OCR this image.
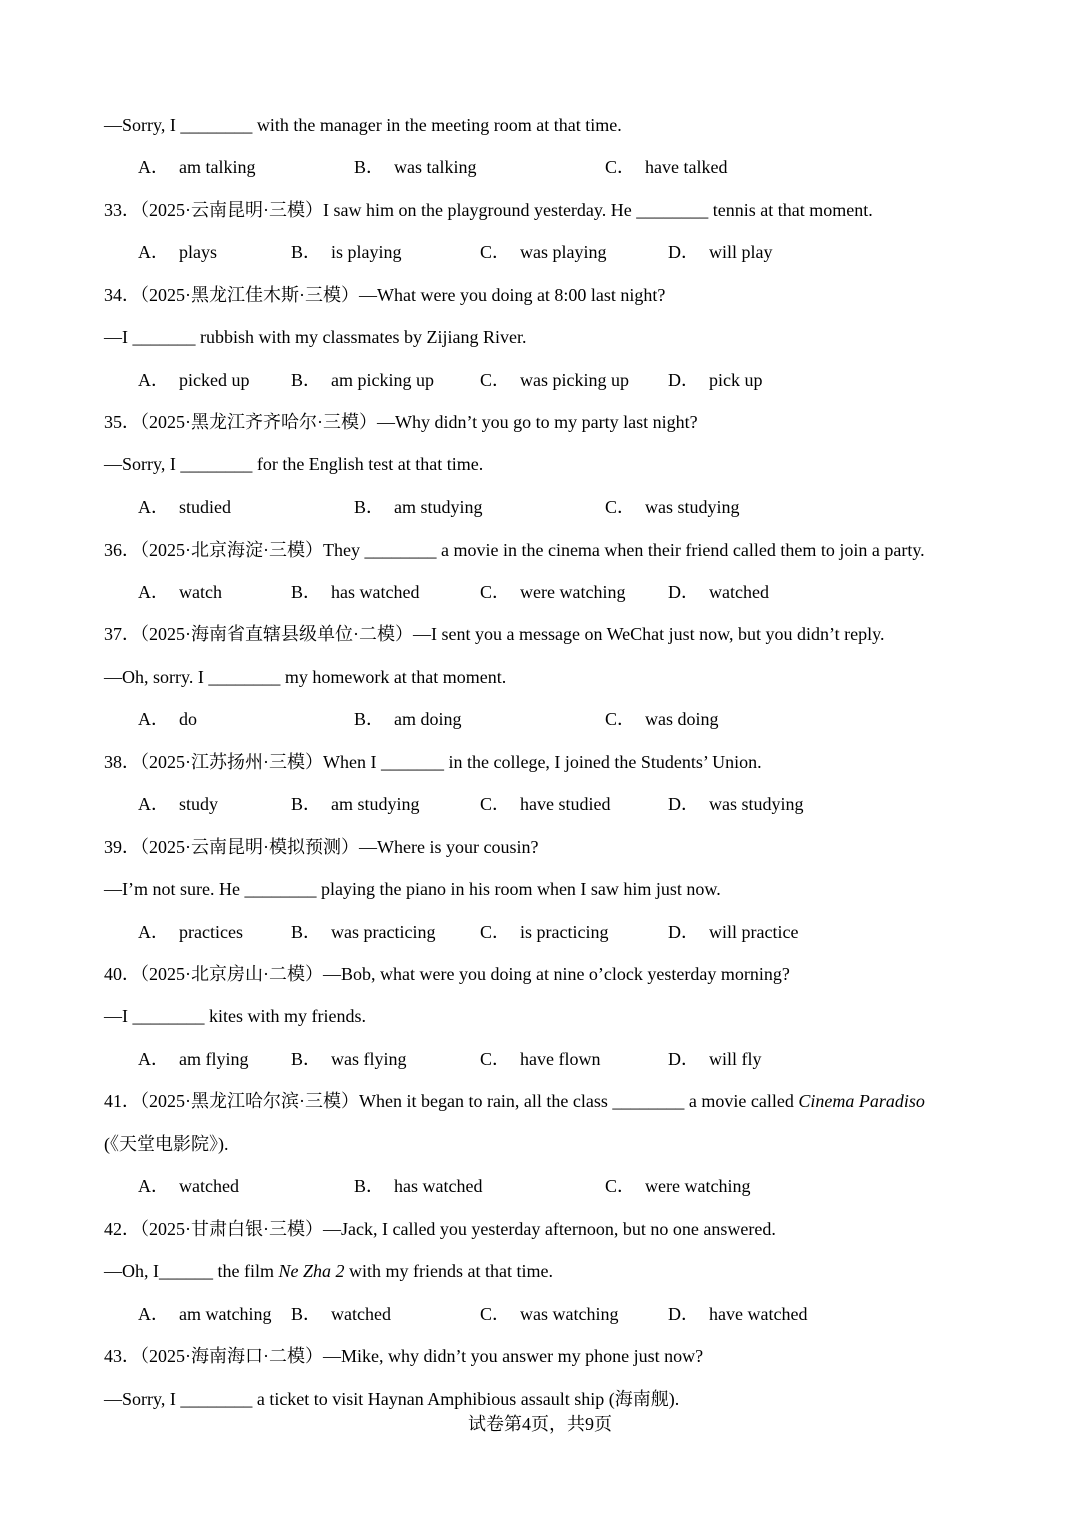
—Sorry, I ________ with the manager in the meeting room at that time.
A． am talking	B． was talking	C． have talked
33．（2025·云南昆明·三模）I saw him on the playground yesterday. He ________ tennis at that moment.
A． plays	B． is playing	C． was playing	D． will play
34．（2025·黑龙江佳木斯·三模）—What were you doing at 8:00 last night?
—I _______ rubbish with my classmates by Zijiang River.
A． picked up B． am picking up	C． was picking up D． pick up
35．（2025·黑龙江齐齐哈尔·三模）—Why didn’t you go to my party last night?
—Sorry, I ________ for the English test at that time.
A． studied	B． am studying	C． was studying
36．（2025·北京海淀·三模）They ________ a movie in the cinema when their friend called them to join a party.
A． watch	B． has watched	C． were watching D． watched
37．（2025·海南省直辖县级单位·二模）—I sent you a message on WeChat just now, but you didn’t reply.
—Oh, sorry. I ________ my homework at that moment.
A． do	B． am doing	C． was doing
38．（2025·江苏扬州·三模）When I _______ in the college, I joined the Students’ Union.
A． study	B． am studying	C． have studied	D． was studying
39．（2025·云南昆明·模拟预测）—Where is your cousin?
—I’m not sure. He ________ playing the piano in his room when I saw him just now.
A． practices	B． was practicing C． is practicing	D． will practice
40．（2025·北京房山·二模）—Bob, what were you doing at nine o’clock yesterday morning?
—I ________ kites with my friends.
A． am flying B． was flying	C． have flown	D． will fly
41．（2025·黑龙江哈尔滨·三模）When it began to rain, all the class ________ a movie called Cinema Paradiso
(《天堂电影院》).
A． watched	B． has watched	C． were watching
42．（2025·甘肃白银·三模）—Jack, I called you yesterday afternoon, but no one answered.
—Oh, I______ the film Ne Zha 2 with my friends at that time.
A． am watching B． watched	C． was watching	D． have watched
43．（2025·海南海口·二模）—Mike, why didn’t you answer my phone just now?
—Sorry, I ________ a ticket to visit Haynan Amphibious assault ship (海南舰).
试卷第4页，共9页
